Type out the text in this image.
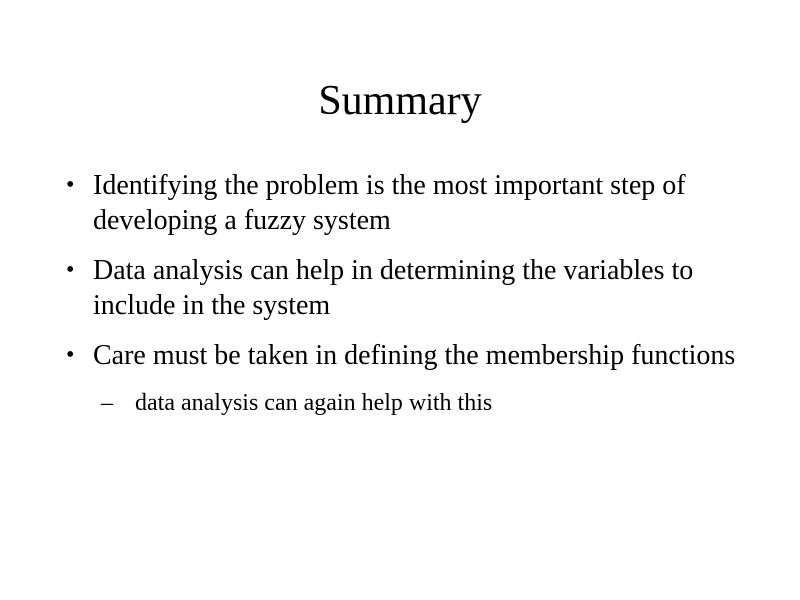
Summary
• Identifying the problem is the most important step of developing a fuzzy system
• Data analysis can help in determining the variables to include in the system
• Care must be taken in defining the membership functions
– data analysis can again help with this
